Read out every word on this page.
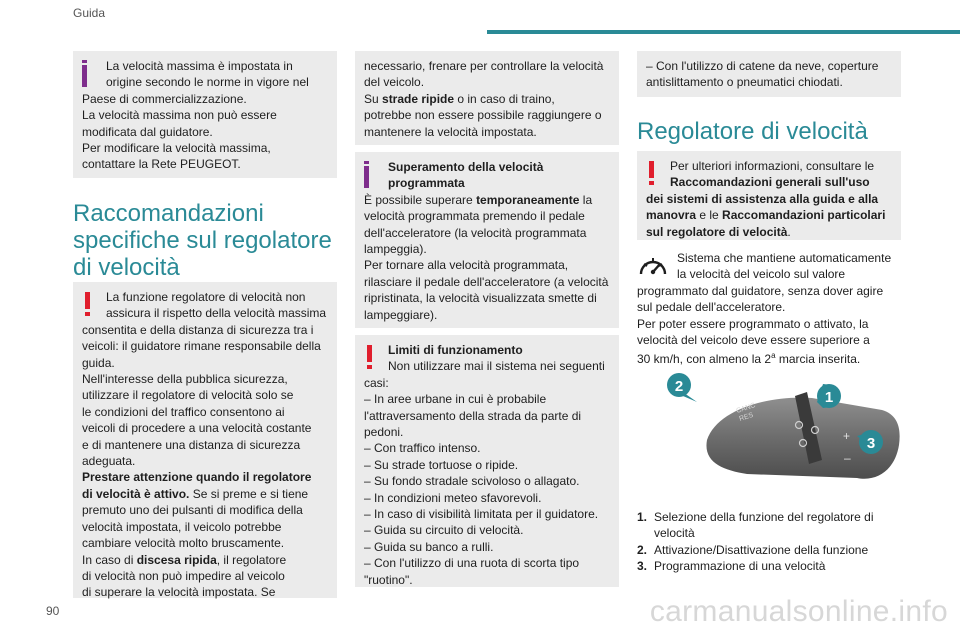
Guida

La velocità massima è impostata in

origine secondo le norme in vigore nel

Paese di commercializzazione.

La velocità massima non può essere

modificata dal guidatore.

Per modificare la velocità massima,

contattare la Rete PEUGEOT.

Raccomandazioni
specifiche sul regolatore
di velocità

La funzione regolatore di velocità non

assicura il rispetto della velocità massima

consentita e della distanza di sicurezza tra i

veicoli: il guidatore rimane responsabile della

guida.

Nell'interesse della pubblica sicurezza,

utilizzare il regolatore di velocità solo se

le condizioni del traffico consentono ai

veicoli di procedere a una velocità costante

e di mantenere una distanza di sicurezza

adeguata.

Prestare attenzione quando il regolatore

di velocità è attivo. Se si preme e si tiene

premuto uno dei pulsanti di modifica della

velocità impostata, il veicolo potrebbe

cambiare velocità molto bruscamente.

In caso di discesa ripida, il regolatore

di velocità non può impedire al veicolo

di superare la velocità impostata. Se

necessario, frenare per controllare la velocità

del veicolo.

Su strade ripide o in caso di traino,

potrebbe non essere possibile raggiungere o

mantenere la velocità impostata.

Superamento della velocità

programmata

È possibile superare temporaneamente la

velocità programmata premendo il pedale

dell'acceleratore (la velocità programmata

lampeggia).

Per tornare alla velocità programmata,

rilasciare il pedale dell'acceleratore (a velocità

ripristinata, la velocità visualizzata smette di

lampeggiare).

Limiti di funzionamento

Non utilizzare mai il sistema nei seguenti

casi:

– In aree urbane in cui è probabile

l'attraversamento della strada da parte di

pedoni.

– Con traffico intenso.

– Su strade tortuose o ripide.

– Su fondo stradale scivoloso o allagato.

– In condizioni meteo sfavorevoli.

– In caso di visibilità limitata per il guidatore.

– Guida su circuito di velocità.

– Guida su banco a rulli.

– Con l'utilizzo di una ruota di scorta tipo

"ruotino".

– Con l'utilizzo di catene da neve, coperture

antislittamento o pneumatici chiodati.

Regolatore di velocità

Per ulteriori informazioni, consultare le

Raccomandazioni generali sull'uso

dei sistemi di assistenza alla guida e alla

manovra e le Raccomandazioni particolari

sul regolatore di velocità.

Sistema che mantiene automaticamente

la velocità del veicolo sul valore

programmato dal guidatore, senza dover agire

sul pedale dell'acceleratore.

Per poter essere programmato o attivato, la

velocità del veicolo deve essere superiore a

30 km/h, con almeno la 2$^a$ marcia inserita.

CANC
RES
+
–
1
2
3
1. Selezione della funzione del regolatore di
velocità
2. Attivazione/Disattivazione della funzione
3. Programmazione di una velocità
90	carmanualsonline.info
